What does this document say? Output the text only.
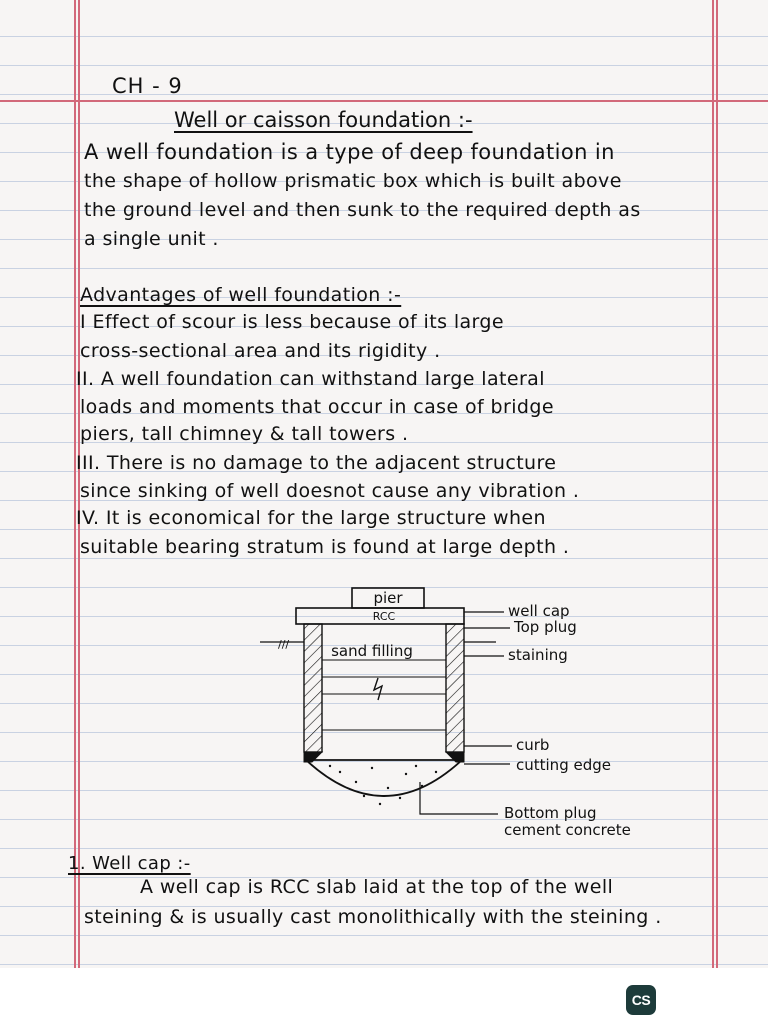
CH - 9
Well or caisson foundation :-
A well foundation is a type of deep foundation in
the shape of hollow prismatic box which is built above
the ground level and then sunk to the required depth as
a single unit .
Advantages of well foundation :-
Ⅰ Effect of scour is less because of its large
cross-sectional area and its rigidity .
II. A well foundation can withstand large lateral
loads and moments that occur in case of bridge
piers, tall chimney & tall towers .
III. There is no damage to the adjacent structure
since sinking of well doesnot cause any vibration .
IV. It is economical for the large structure when
suitable bearing stratum is found at large depth .
pier
RCC
sand filling
///
well cap
Top plug
staining
curb
cutting edge
Bottom plug
cement concrete
1. Well cap :-
A well cap is RCC slab laid at the top of the well
steining & is usually cast monolithically with the steining .
CS
